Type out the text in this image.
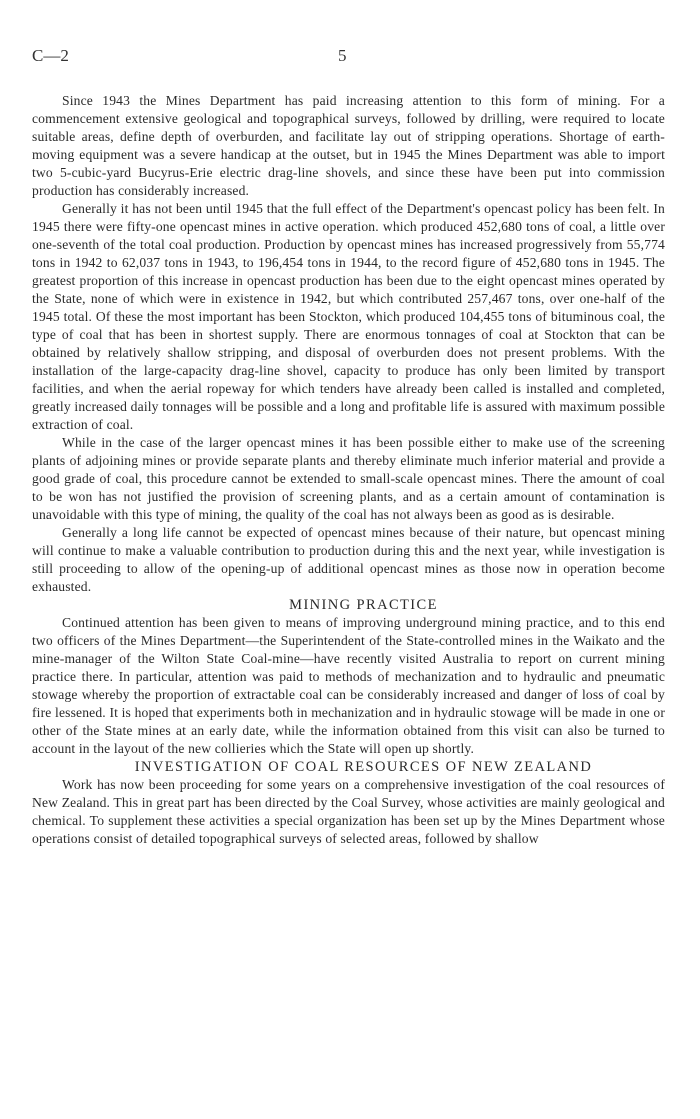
C—2	5

Since 1943 the Mines Department has paid increasing attention to this form of mining. For a commencement extensive geological and topographical surveys, followed by drilling, were required to locate suitable areas, define depth of overburden, and facilitate lay out of stripping operations. Shortage of earth-moving equipment was a severe handicap at the outset, but in 1945 the Mines Department was able to import two 5-cubic-yard Bucyrus-Erie electric drag-line shovels, and since these have been put into commission production has considerably increased.

Generally it has not been until 1945 that the full effect of the Department's opencast policy has been felt. In 1945 there were fifty-one opencast mines in active operation. which produced 452,680 tons of coal, a little over one-seventh of the total coal production. Production by opencast mines has increased progressively from 55,774 tons in 1942 to 62,037 tons in 1943, to 196,454 tons in 1944, to the record figure of 452,680 tons in 1945. The greatest proportion of this increase in opencast production has been due to the eight opencast mines operated by the State, none of which were in existence in 1942, but which contributed 257,467 tons, over one-half of the 1945 total. Of these the most important has been Stockton, which produced 104,455 tons of bituminous coal, the type of coal that has been in shortest supply. There are enormous tonnages of coal at Stockton that can be obtained by relatively shallow stripping, and disposal of overburden does not present problems. With the installation of the large-capacity drag-line shovel, capacity to produce has only been limited by transport facilities, and when the aerial ropeway for which tenders have already been called is installed and completed, greatly increased daily tonnages will be possible and a long and profitable life is assured with maximum possible extraction of coal.

While in the case of the larger opencast mines it has been possible either to make use of the screening plants of adjoining mines or provide separate plants and thereby eliminate much inferior material and provide a good grade of coal, this procedure cannot be extended to small-scale opencast mines. There the amount of coal to be won has not justified the provision of screening plants, and as a certain amount of contamination is unavoidable with this type of mining, the quality of the coal has not always been as good as is desirable.

Generally a long life cannot be expected of opencast mines because of their nature, but opencast mining will continue to make a valuable contribution to production during this and the next year, while investigation is still proceeding to allow of the opening-up of additional opencast mines as those now in operation become exhausted.

MINING PRACTICE

Continued attention has been given to means of improving underground mining practice, and to this end two officers of the Mines Department—the Superintendent of the State-controlled mines in the Waikato and the mine-manager of the Wilton State Coal-mine—have recently visited Australia to report on current mining practice there. In particular, attention was paid to methods of mechanization and to hydraulic and pneumatic stowage whereby the proportion of extractable coal can be considerably increased and danger of loss of coal by fire lessened. It is hoped that experiments both in mechanization and in hydraulic stowage will be made in one or other of the State mines at an early date, while the information obtained from this visit can also be turned to account in the layout of the new collieries which the State will open up shortly.

INVESTIGATION OF COAL RESOURCES OF NEW ZEALAND

Work has now been proceeding for some years on a comprehensive investigation of the coal resources of New Zealand. This in great part has been directed by the Coal Survey, whose activities are mainly geological and chemical. To supplement these activities a special organization has been set up by the Mines Department whose operations consist of detailed topographical surveys of selected areas, followed by shallow
